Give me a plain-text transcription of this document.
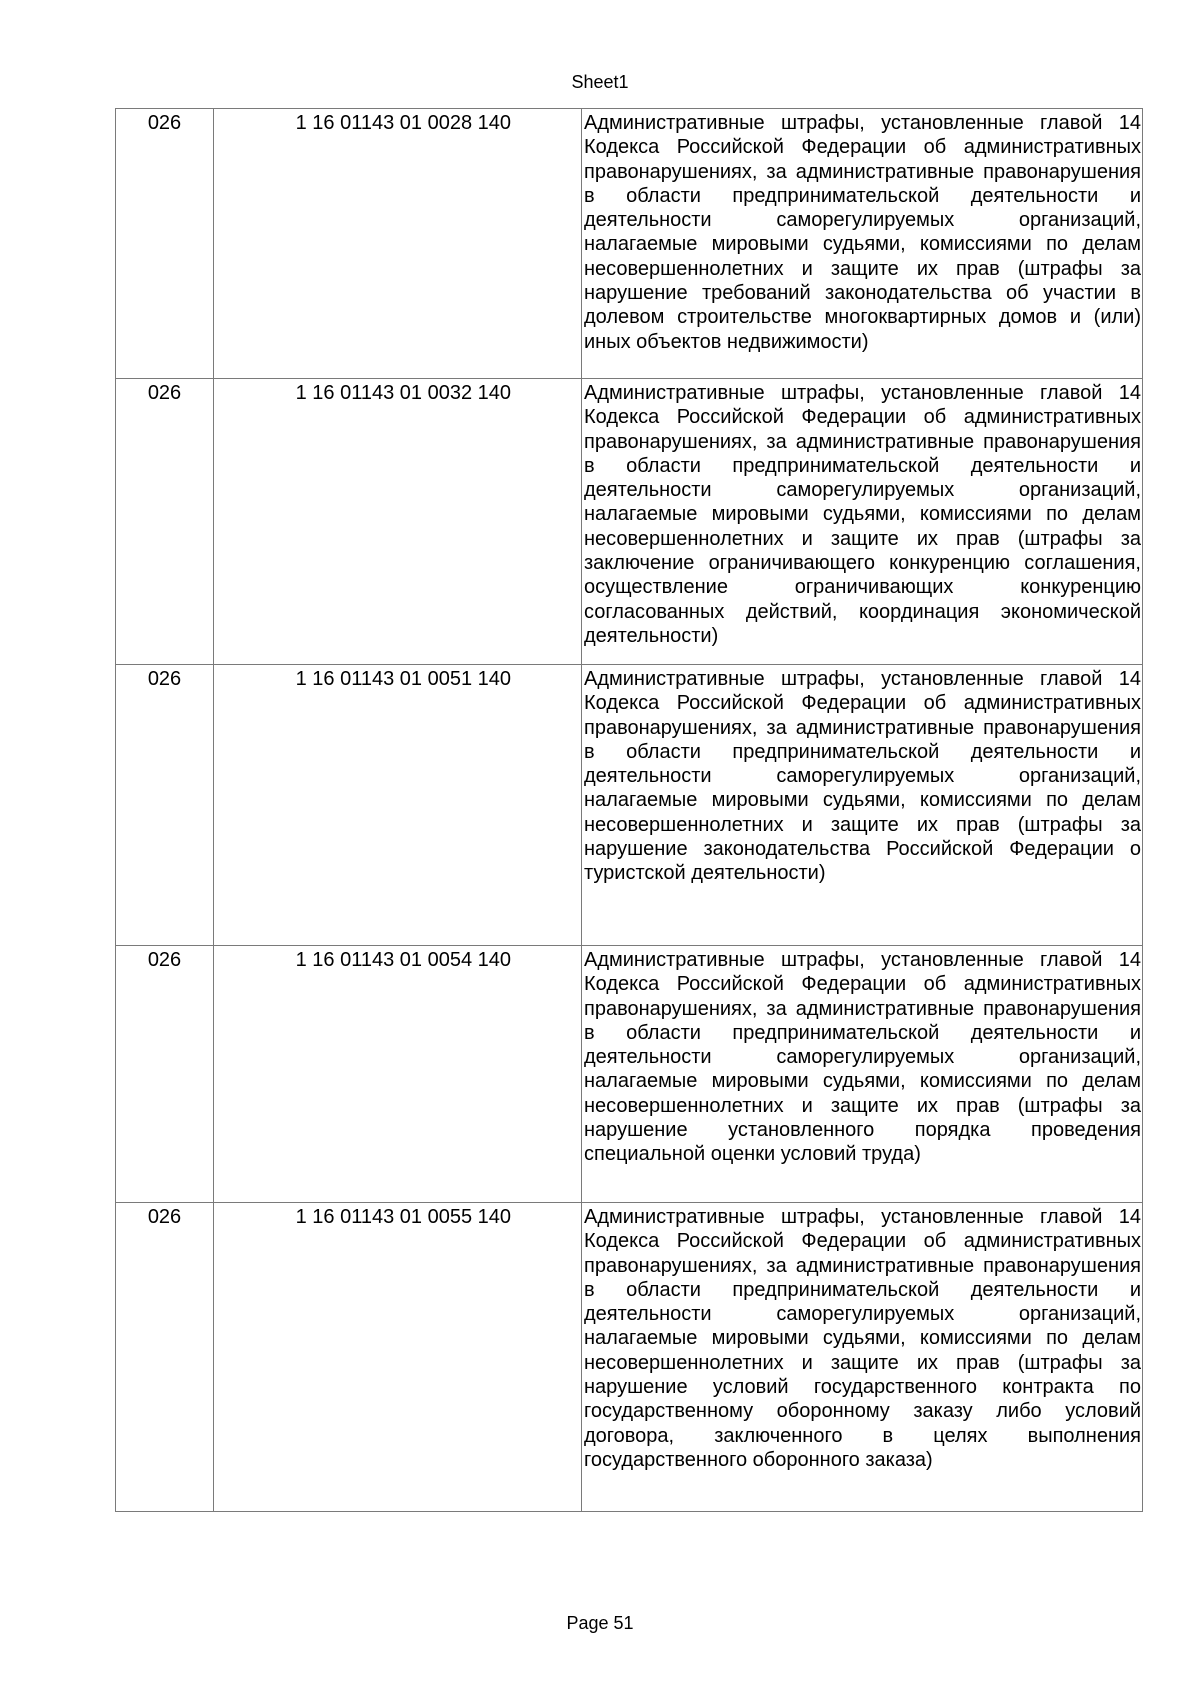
Sheet1
026	1 16 01143 01 0028 140	Административные штрафы, установленные главой 14 Кодекса Российской Федерации об административных правонарушениях, за административные правонарушения в области предпринимательской деятельности и деятельности саморегулируемых организаций, налагаемые мировыми судьями, комиссиями по делам несовершеннолетних и защите их прав (штрафы за нарушение требований законодательства об участии в долевом строительстве многоквартирных домов и (или) иных объектов недвижимости)
026	1 16 01143 01 0032 140	Административные штрафы, установленные главой 14 Кодекса Российской Федерации об административных правонарушениях, за административные правонарушения в области предпринимательской деятельности и деятельности саморегулируемых организаций, налагаемые мировыми судьями, комиссиями по делам несовершеннолетних и защите их прав (штрафы за заключение ограничивающего конкуренцию соглашения, осуществление ограничивающих конкуренцию согласованных действий, координация экономической деятельности)
026	1 16 01143 01 0051 140	Административные штрафы, установленные главой 14 Кодекса Российской Федерации об административных правонарушениях, за административные правонарушения в области предпринимательской деятельности и деятельности саморегулируемых организаций, налагаемые мировыми судьями, комиссиями по делам несовершеннолетних и защите их прав (штрафы за нарушение законодательства Российской Федерации о туристской деятельности)
026	1 16 01143 01 0054 140	Административные штрафы, установленные главой 14 Кодекса Российской Федерации об административных правонарушениях, за административные правонарушения в области предпринимательской деятельности и деятельности саморегулируемых организаций, налагаемые мировыми судьями, комиссиями по делам несовершеннолетних и защите их прав (штрафы за нарушение установленного порядка проведения специальной оценки условий труда)
026	1 16 01143 01 0055 140	Административные штрафы, установленные главой 14 Кодекса Российской Федерации об административных правонарушениях, за административные правонарушения в области предпринимательской деятельности и деятельности саморегулируемых организаций, налагаемые мировыми судьями, комиссиями по делам несовершеннолетних и защите их прав (штрафы за нарушение условий государственного контракта по государственному оборонному заказу либо условий договора, заключенного в целях выполнения государственного оборонного заказа)
Page 51
